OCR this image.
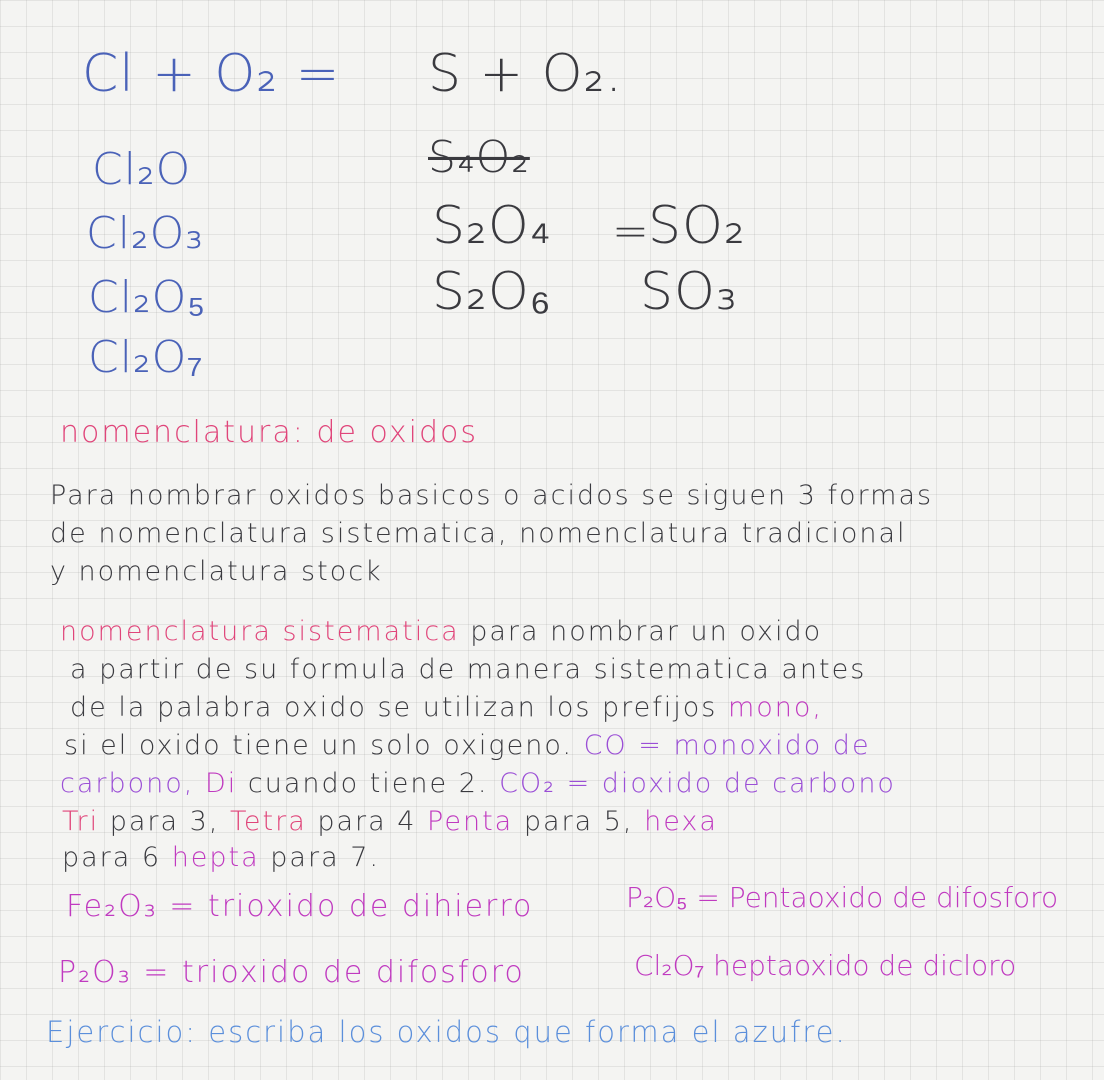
Cl + O₂ =
Cl₂O
Cl₂O₃
Cl₂O₅
Cl₂O₇
S + O₂.
S₄O₂
S₂O₄ =
SO₂
S₂O₆ SO₃
nomenclatura: de oxidos
Para nombrar oxidos basicos o acidos se siguen 3 formas
de nomenclatura sistematica, nomenclatura tradicional
y nomenclatura stock
nomenclatura sistematica para nombrar un oxido
a partir de su formula de manera sistematica antes
de la palabra oxido se utilizan los prefijos mono,
si el oxido tiene un solo oxigeno. CO = monoxido de
carbono, Di cuando tiene 2. CO₂ = dioxido de carbono
Tri para 3, Tetra para 4 Penta para 5, hexa
para 6 hepta para 7.
Fe₂O₃ = trioxido de dihierro	P₂O₅ = Pentaoxido de difosforo
P₂O₃ = trioxido de difosforo	Cl₂O₇ heptaoxido de dicloro
Ejercicio: escriba los oxidos que forma el azufre.
